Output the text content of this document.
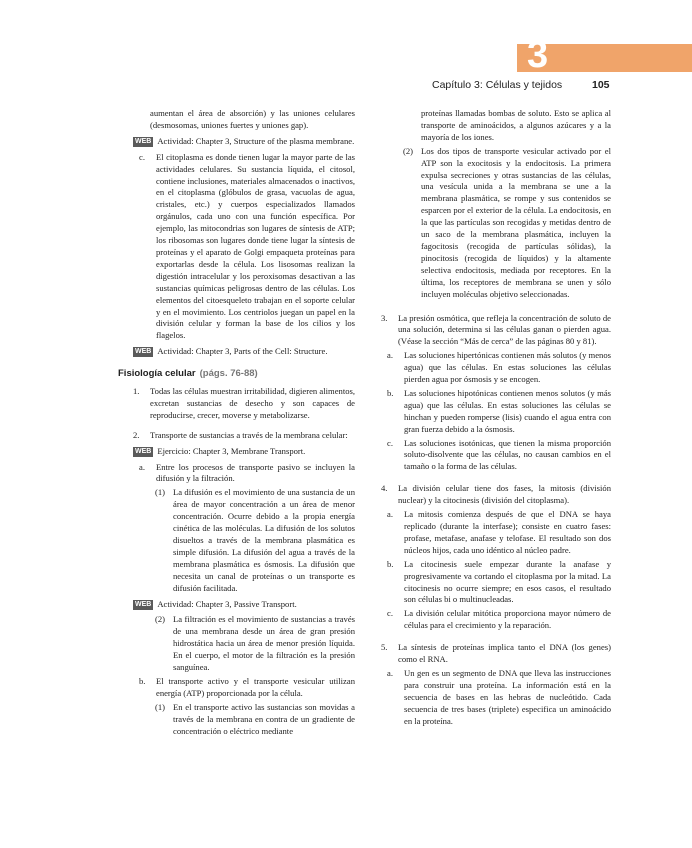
3
Capítulo 3: Células y tejidos	105
aumentan el área de absorción) y las uniones celulares (desmosomas, uniones fuertes y uniones gap).
WEB Actividad: Chapter 3, Structure of the plasma membrane.
c.	El citoplasma es donde tienen lugar la mayor parte de las actividades celulares. Su sustancia líquida, el citosol, contiene inclusiones, materiales almacenados o inactivos, en el citoplasma (glóbulos de grasa, vacuolas de agua, cristales, etc.) y cuerpos especializados llamados orgánulos, cada uno con una función específica. Por ejemplo, las mitocondrias son lugares de síntesis de ATP; los ribosomas son lugares donde tiene lugar la síntesis de proteínas y el aparato de Golgi empaqueta proteínas para exportarlas desde la célula. Los lisosomas realizan la digestión intracelular y los peroxisomas desactivan a las sustancias químicas peligrosas dentro de las células. Los elementos del citoesqueleto trabajan en el soporte celular y en el movimiento. Los centriolos juegan un papel en la división celular y forman la base de los cilios y los flagelos.
WEB Actividad: Chapter 3, Parts of the Cell: Structure.
Fisiología celular (págs. 76-88)
1.	Todas las células muestran irritabilidad, digieren alimentos, excretan sustancias de desecho y son capaces de reproducirse, crecer, moverse y metabolizarse.
2.	Transporte de sustancias a través de la membrana celular:
WEB Ejercicio: Chapter 3, Membrane Transport.
a.	Entre los procesos de transporte pasivo se incluyen la difusión y la filtración.
(1) La difusión es el movimiento de una sustancia de un área de mayor concentración a un área de menor concentración. Ocurre debido a la propia energía cinética de las moléculas. La difusión de los solutos disueltos a través de la membrana plasmática es simple difusión. La difusión del agua a través de la membrana plasmática es ósmosis. La difusión que necesita un canal de proteínas o un transporte es difusión facilitada.
WEB Actividad: Chapter 3, Passive Transport.
(2) La filtración es el movimiento de sustancias a través de una membrana desde un área de gran presión hidrostática hacia un área de menor presión líquida. En el cuerpo, el motor de la filtración es la presión sanguínea.
b.	El transporte activo y el transporte vesicular utilizan energía (ATP) proporcionada por la célula.
(1) En el transporte activo las sustancias son movidas a través de la membrana en contra de un gradiente de concentración o eléctrico mediante
proteínas llamadas bombas de soluto. Esto se aplica al transporte de aminoácidos, a algunos azúcares y a la mayoría de los iones.
(2) Los dos tipos de transporte vesicular activado por el ATP son la exocitosis y la endocitosis. La primera expulsa secreciones y otras sustancias de las células, una vesícula unida a la membrana se une a la membrana plasmática, se rompe y sus contenidos se esparcen por el exterior de la célula. La endocitosis, en la que las partículas son recogidas y metidas dentro de un saco de la membrana plasmática, incluyen la fagocitosis (recogida de partículas sólidas), la pinocitosis (recogida de líquidos) y la altamente selectiva endocitosis, mediada por receptores. En la última, los receptores de membrana se unen y sólo incluyen moléculas objetivo seleccionadas.
3.	La presión osmótica, que refleja la concentración de soluto de una solución, determina si las células ganan o pierden agua. (Véase la sección “Más de cerca” de las páginas 80 y 81).
a.	Las soluciones hipertónicas contienen más solutos (y menos agua) que las células. En estas soluciones las células pierden agua por ósmosis y se encogen.
b.	Las soluciones hipotónicas contienen menos solutos (y más agua) que las células. En estas soluciones las células se hinchan y pueden romperse (lisis) cuando el agua entra con gran fuerza debido a la ósmosis.
c.	Las soluciones isotónicas, que tienen la misma proporción soluto-disolvente que las células, no causan cambios en el tamaño o la forma de las células.
4.	La división celular tiene dos fases, la mitosis (división nuclear) y la citocinesis (división del citoplasma).
a.	La mitosis comienza después de que el DNA se haya replicado (durante la interfase); consiste en cuatro fases: profase, metafase, anafase y telofase. El resultado son dos núcleos hijos, cada uno idéntico al núcleo padre.
b.	La citocinesis suele empezar durante la anafase y progresivamente va cortando el citoplasma por la mitad. La citocinesis no ocurre siempre; en esos casos, el resultado son células bi o multinucleadas.
c.	La división celular mitótica proporciona mayor número de células para el crecimiento y la reparación.
5.	La síntesis de proteínas implica tanto el DNA (los genes) como el RNA.
a.	Un gen es un segmento de DNA que lleva las instrucciones para construir una proteína. La información está en la secuencia de bases en las hebras de nucleótido. Cada secuencia de tres bases (triplete) especifica un aminoácido en la proteína.
